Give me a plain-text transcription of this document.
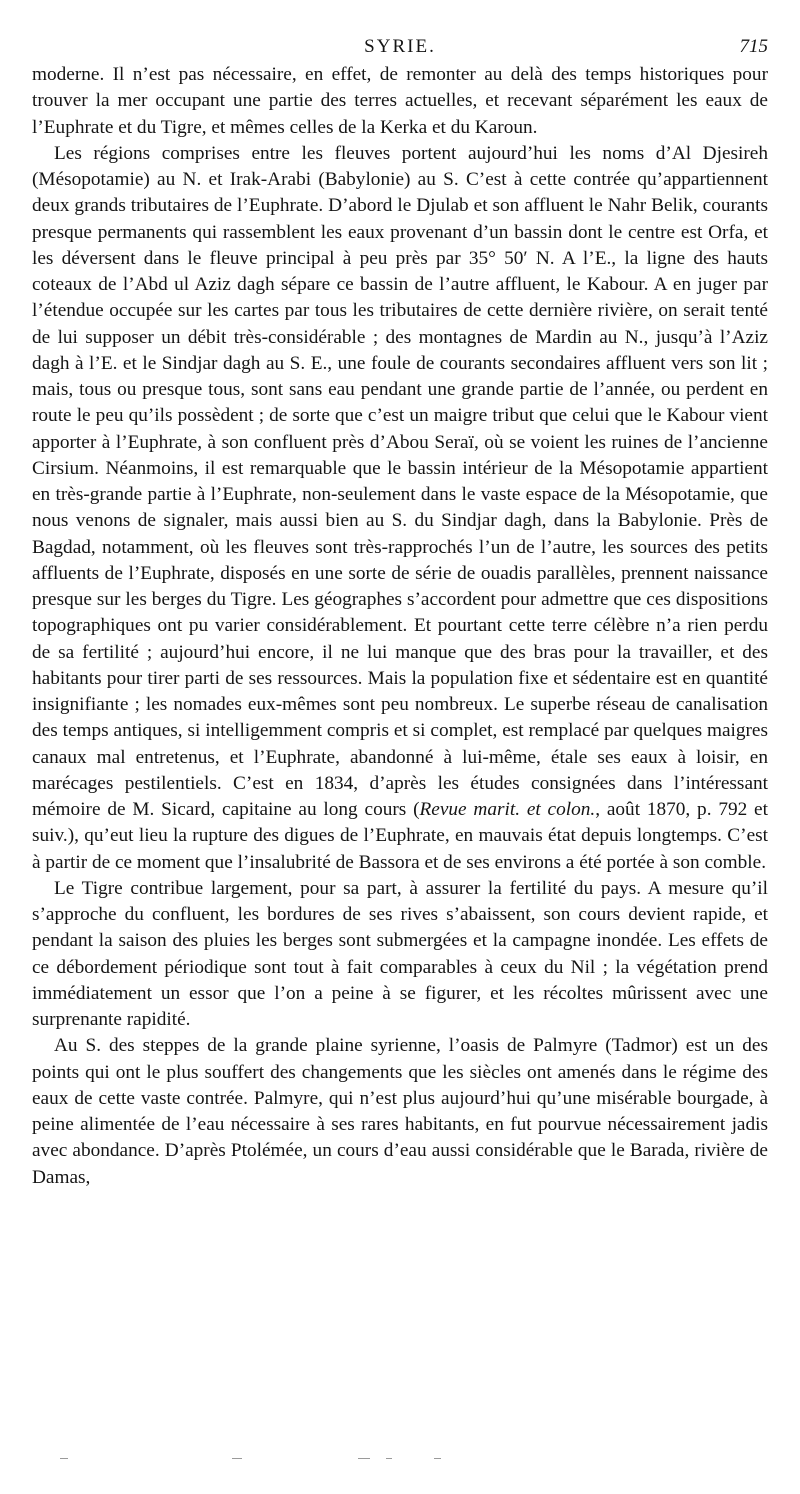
SYRIE.	715

moderne. Il n’est pas nécessaire, en effet, de remonter au delà des temps historiques pour trouver la mer occupant une partie des terres actuelles, et recevant séparément les eaux de l’Euphrate et du Tigre, et mêmes celles de la Kerka et du Karoun.

Les régions comprises entre les fleuves portent aujourd’hui les noms d’Al Djesireh (Mésopotamie) au N. et Irak-Arabi (Babylonie) au S. C’est à cette contrée qu’appartiennent deux grands tributaires de l’Euphrate. D’abord le Djulab et son affluent le Nahr Belik, courants presque permanents qui rassemblent les eaux provenant d’un bassin dont le centre est Orfa, et les déversent dans le fleuve principal à peu près par 35° 50′ N. A l’E., la ligne des hauts coteaux de l’Abd ul Aziz dagh sépare ce bassin de l’autre affluent, le Kabour. A en juger par l’étendue occupée sur les cartes par tous les tributaires de cette dernière rivière, on serait tenté de lui supposer un débit très-considérable ; des montagnes de Mardin au N., jusqu’à l’Aziz dagh à l’E. et le Sindjar dagh au S. E., une foule de courants secondaires affluent vers son lit ; mais, tous ou presque tous, sont sans eau pendant une grande partie de l’année, ou perdent en route le peu qu’ils possèdent ; de sorte que c’est un maigre tribut que celui que le Kabour vient apporter à l’Euphrate, à son confluent près d’Abou Seraï, où se voient les ruines de l’ancienne Cirsium. Néanmoins, il est remarquable que le bassin intérieur de la Mésopotamie appartient en très-grande partie à l’Euphrate, non-seulement dans le vaste espace de la Mésopotamie, que nous venons de signaler, mais aussi bien au S. du Sindjar dagh, dans la Babylonie. Près de Bagdad, notamment, où les fleuves sont très-rapprochés l’un de l’autre, les sources des petits affluents de l’Euphrate, disposés en une sorte de série de ouadis parallèles, prennent naissance presque sur les berges du Tigre. Les géographes s’accordent pour admettre que ces dispositions topographiques ont pu varier considérablement. Et pourtant cette terre célèbre n’a rien perdu de sa fertilité ; aujourd’hui encore, il ne lui manque que des bras pour la travailler, et des habitants pour tirer parti de ses ressources. Mais la population fixe et sédentaire est en quantité insignifiante ; les nomades eux-mêmes sont peu nombreux. Le superbe réseau de canalisation des temps antiques, si intelligemment compris et si complet, est remplacé par quelques maigres canaux mal entretenus, et l’Euphrate, abandonné à lui-même, étale ses eaux à loisir, en marécages pestilentiels. C’est en 1834, d’après les études consignées dans l’intéressant mémoire de M. Sicard, capitaine au long cours (Revue marit. et colon., août 1870, p. 792 et suiv.), qu’eut lieu la rupture des digues de l’Euphrate, en mauvais état depuis longtemps. C’est à partir de ce moment que l’insalubrité de Bassora et de ses environs a été portée à son comble.

Le Tigre contribue largement, pour sa part, à assurer la fertilité du pays. A mesure qu’il s’approche du confluent, les bordures de ses rives s’abaissent, son cours devient rapide, et pendant la saison des pluies les berges sont submergées et la campagne inondée. Les effets de ce débordement périodique sont tout à fait comparables à ceux du Nil ; la végétation prend immédiatement un essor que l’on a peine à se figurer, et les récoltes mûrissent avec une surprenante rapidité.

Au S. des steppes de la grande plaine syrienne, l’oasis de Palmyre (Tadmor) est un des points qui ont le plus souffert des changements que les siècles ont amenés dans le régime des eaux de cette vaste contrée. Palmyre, qui n’est plus aujourd’hui qu’une misérable bourgade, à peine alimentée de l’eau nécessaire à ses rares habitants, en fut pourvue nécessairement jadis avec abondance. D’après Ptolémée, un cours d’eau aussi considérable que le Barada, rivière de Damas,
